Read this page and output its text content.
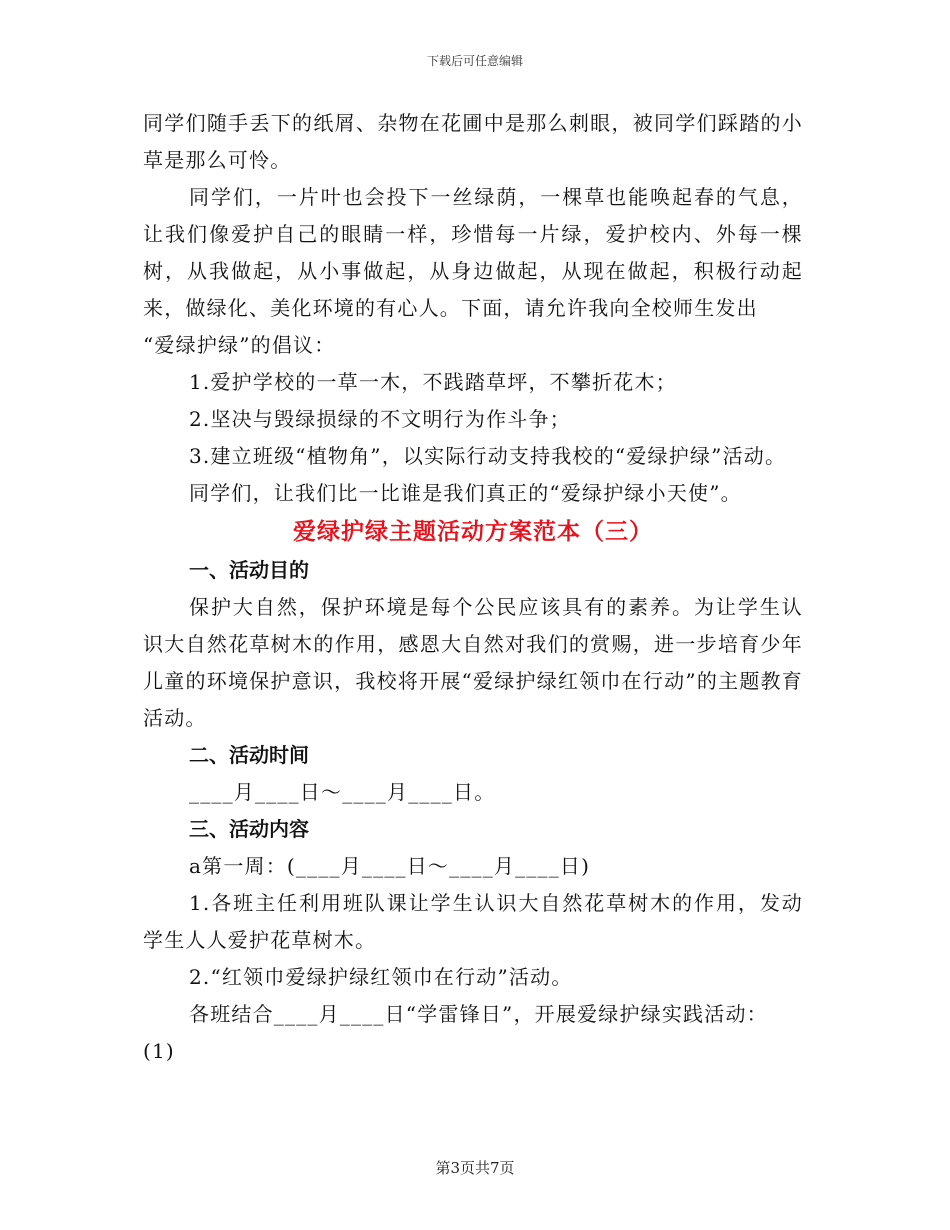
下载后可任意编辑

同学们随手丢下的纸屑、杂物在花圃中是那么刺眼，被同学们踩踏的小草是那么可怜。

同学们，一片叶也会投下一丝绿荫，一棵草也能唤起春的气息，让我们像爱护自己的眼睛一样，珍惜每一片绿，爱护校内、外每一棵树，从我做起，从小事做起，从身边做起，从现在做起，积极行动起来，做绿化、美化环境的有心人。下面，请允许我向全校师生发出

“爱绿护绿”的倡议：

1.爱护学校的一草一木，不践踏草坪，不攀折花木；

2.坚决与毁绿损绿的不文明行为作斗争；

3.建立班级“植物角”，以实际行动支持我校的“爱绿护绿”活动。

同学们，让我们比一比谁是我们真正的“爱绿护绿小天使”。

爱绿护绿主题活动方案范本（三）

一、活动目的

保护大自然，保护环境是每个公民应该具有的素养。为让学生认识大自然花草树木的作用，感恩大自然对我们的赏赐，进一步培育少年儿童的环境保护意识，我校将开展“爱绿护绿红领巾在行动”的主题教育活动。

二、活动时间

____月____日～____月____日。

三、活动内容

a第一周：(____月____日～____月____日)

1.各班主任利用班队课让学生认识大自然花草树木的作用，发动学生人人爱护花草树木。

2.“红领巾爱绿护绿红领巾在行动”活动。

各班结合____月____日“学雷锋日”，开展爱绿护绿实践活动：

(1)

第3页共7页
